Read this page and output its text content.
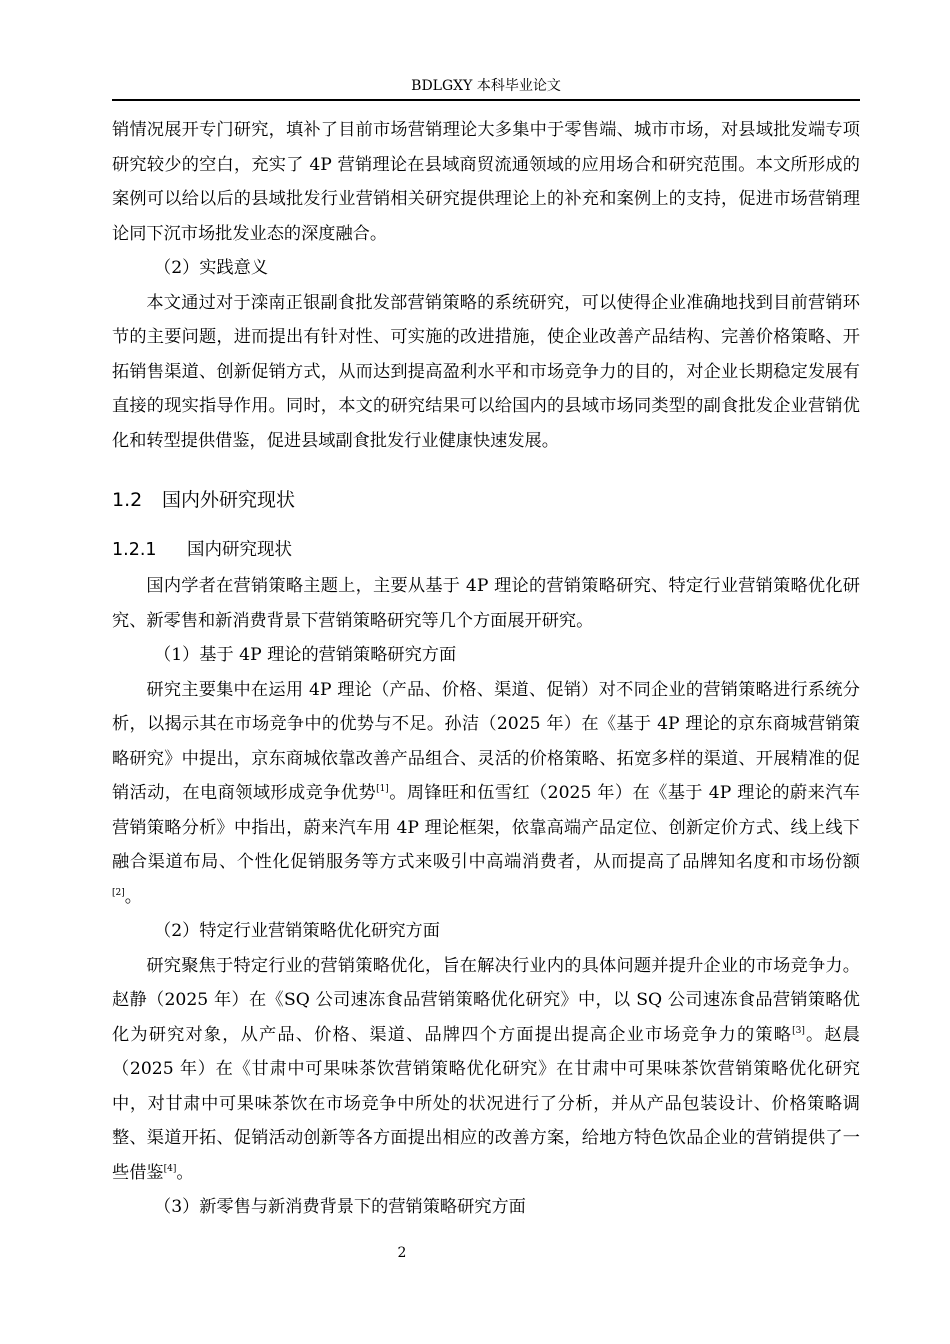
BDLGXY 本科毕业论文

销情况展开专门研究，填补了目前市场营销理论大多集中于零售端、城市市场，对县域批发端专项研究较少的空白，充实了 4P 营销理论在县域商贸流通领域的应用场合和研究范围。本文所形成的案例可以给以后的县域批发行业营销相关研究提供理论上的补充和案例上的支持，促进市场营销理论同下沉市场批发业态的深度融合。

（2）实践意义

本文通过对于滦南正银副食批发部营销策略的系统研究，可以使得企业准确地找到目前营销环节的主要问题，进而提出有针对性、可实施的改进措施，使企业改善产品结构、完善价格策略、开拓销售渠道、创新促销方式，从而达到提高盈利水平和市场竞争力的目的，对企业长期稳定发展有直接的现实指导作用。同时，本文的研究结果可以给国内的县域市场同类型的副食批发企业营销优化和转型提供借鉴，促进县域副食批发行业健康快速发展。

1.2 国内外研究现状
1.2.1 国内研究现状

国内学者在营销策略主题上，主要从基于 4P 理论的营销策略研究、特定行业营销策略优化研究、新零售和新消费背景下营销策略研究等几个方面展开研究。

（1）基于 4P 理论的营销策略研究方面

研究主要集中在运用 4P 理论（产品、价格、渠道、促销）对不同企业的营销策略进行系统分析，以揭示其在市场竞争中的优势与不足。孙洁（2025 年）在《基于 4P 理论的京东商城营销策略研究》中提出，京东商城依靠改善产品组合、灵活的价格策略、拓宽多样的渠道、开展精准的促销活动，在电商领域形成竞争优势[1]。周锋旺和伍雪红（2025 年）在《基于 4P 理论的蔚来汽车营销策略分析》中指出，蔚来汽车用 4P 理论框架，依靠高端产品定位、创新定价方式、线上线下融合渠道布局、个性化促销服务等方式来吸引中高端消费者，从而提高了品牌知名度和市场份额[2]。

（2）特定行业营销策略优化研究方面

研究聚焦于特定行业的营销策略优化，旨在解决行业内的具体问题并提升企业的市场竞争力。赵静（2025 年）在《SQ 公司速冻食品营销策略优化研究》中，以 SQ 公司速冻食品营销策略优化为研究对象，从产品、价格、渠道、品牌四个方面提出提高企业市场竞争力的策略[3]。赵晨（2025 年）在《甘肃中可果味茶饮营销策略优化研究》在甘肃中可果味茶饮营销策略优化研究中，对甘肃中可果味茶饮在市场竞争中所处的状况进行了分析，并从产品包装设计、价格策略调整、渠道开拓、促销活动创新等各方面提出相应的改善方案，给地方特色饮品企业的营销提供了一些借鉴[4]。

（3）新零售与新消费背景下的营销策略研究方面

2
